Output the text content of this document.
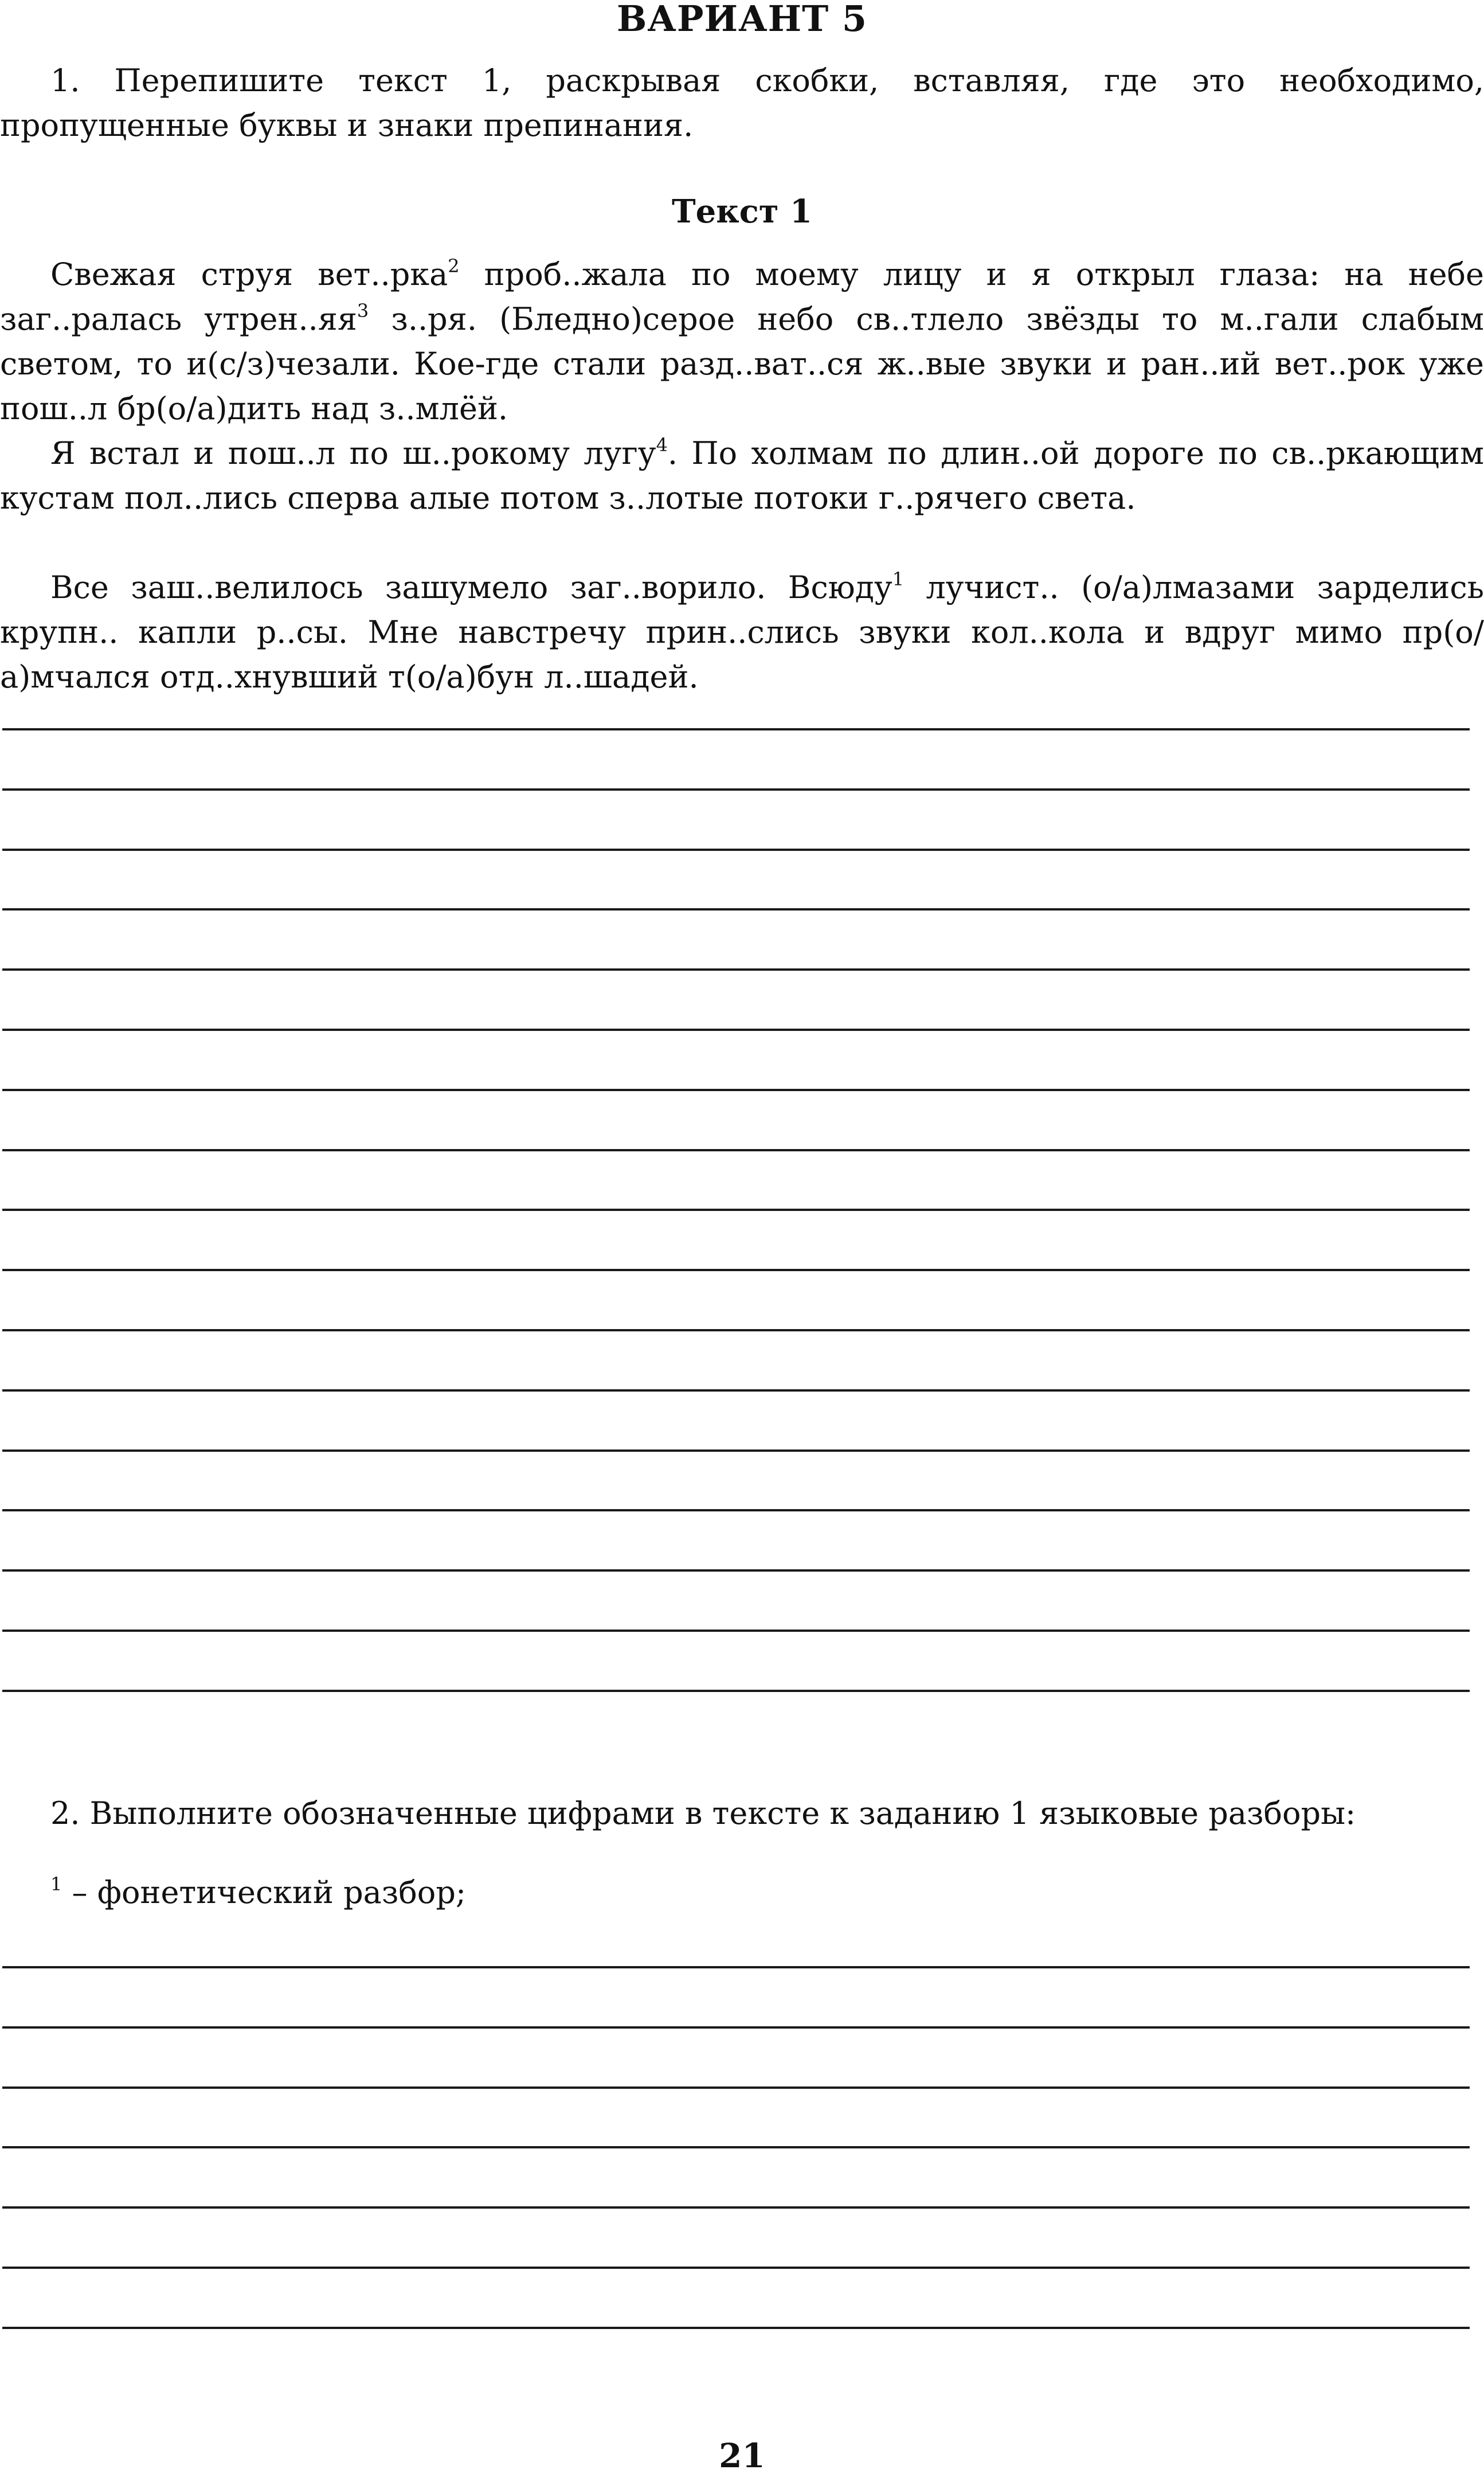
ВАРИАНТ 5

1. Перепишите текст 1, раскрывая скобки, вставляя, где это необходимо, пропущенные буквы и знаки препинания.

Текст 1

Свежая струя вет..рка$^2$ проб..жала по моему лицу и я открыл глаза: на небе заг..ралась $утрен..яя^3$ з..ря. (Бледно)серое небо св..тлело звёзды то м..гали слабым светом, то и(с/з)чезали. Кое-где стали разд..ват..ся ж..вые звуки и ран..ий вет..рок уже пош..л бр(о/а)дить над з..млёй.

Я встал и пош..л по ш..рокому лугу$^4$. По холмам по длин..ой дороге по св..ркающим кустам пол..лись сперва алые потом з..лотые потоки г..рячего света.

Все заш..велилось зашумело заг..ворило. Всюду$^1$ лучист.. (о/а)лмазами зарделись крупн.. капли р..сы. Мне навстречу прин..слись звуки кол..кола и вдруг мимо пр(о/а)мчался отд..хнувший т(о/а)бун л..шадей.

2. Выполните обозначенные цифрами в тексте к заданию 1 языковые разборы:

$^1$ – фонетический разбор;

21
